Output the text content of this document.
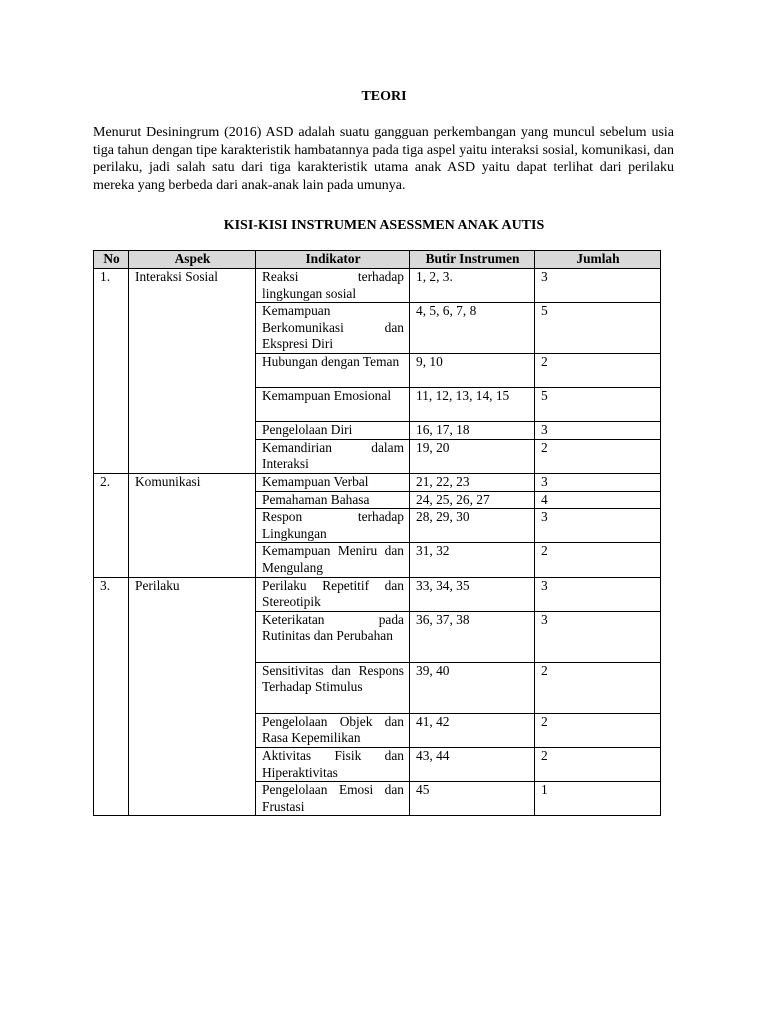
TEORI
Menurut Desiningrum (2016) ASD adalah suatu gangguan perkembangan yang muncul sebelum usia tiga tahun dengan tipe karakteristik hambatannya pada tiga aspel yaitu interaksi sosial, komunikasi, dan perilaku, jadi salah satu dari tiga karakteristik utama anak ASD yaitu dapat terlihat dari perilaku mereka yang berbeda dari anak-anak lain pada umunya.
KISI-KISI INSTRUMEN ASESSMEN ANAK AUTIS
No	Aspek	Indikator	Butir Instrumen	Jumlah
1.	Interaksi Sosial	Reaksi terhadap lingkungan sosial	1, 2, 3.	3
		Kemampuan Berkomunikasi dan Ekspresi Diri	4, 5, 6, 7, 8	5
		Hubungan dengan Teman	9, 10	2
		Kemampuan Emosional	11, 12, 13, 14, 15	5
		Pengelolaan Diri	16, 17, 18	3
		Kemandirian dalam Interaksi	19, 20	2
2.	Komunikasi	Kemampuan Verbal	21, 22, 23	3
		Pemahaman Bahasa	24, 25, 26, 27	4
		Respon terhadap Lingkungan	28, 29, 30	3
		Kemampuan Meniru dan Mengulang	31, 32	2
3.	Perilaku	Perilaku Repetitif dan Stereotipik	33, 34, 35	3
		Keterikatan pada Rutinitas dan Perubahan	36, 37, 38	3
		Sensitivitas dan Respons Terhadap Stimulus	39, 40	2
		Pengelolaan Objek dan Rasa Kepemilikan	41, 42	2
		Aktivitas Fisik dan Hiperaktivitas	43, 44	2
		Pengelolaan Emosi dan Frustasi	45	1
